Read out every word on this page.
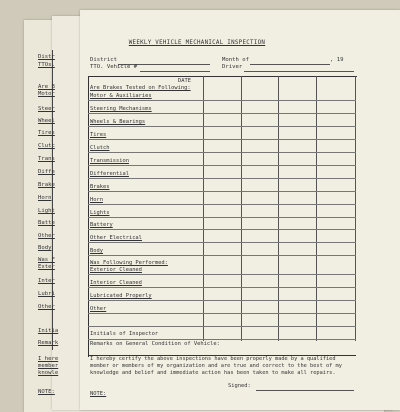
Distr
TTOs.
Are B
Motor
Steer
Wheel
Tires
Clutc
Trans
Diffe
Brake
Horn
Light
Batte
Other
Body
Was F
Exter
Inter
Lubri
Other
Initia
Remark
I here
member
knowle
NOTE:
WEEKLY VEHICLE MECHANICAL INSPECTION
District
TTO. Vehicle #
Month of	, 19
Driver
DATE
Are Brakes Tested on Following:
Motor & Auxiliaries
Steering Mechanisms
Wheels & Bearings
Tires
Clutch
Transmission
Differential
Brakes
Horn
Lights
Battery
Other Electrical
Body
Was Following Performed:
Exterior Cleaned
Interior Cleaned
Lubricated Properly
Other
Initials of Inspector
Remarks on General Condition of Vehicle:
I hereby certify the above inspections have been properly made by a qualified member or members of my organization and are true and correct to the best of my knowledge and belief and immediate action has been taken to make all repairs.
Signed:
NOTE:
